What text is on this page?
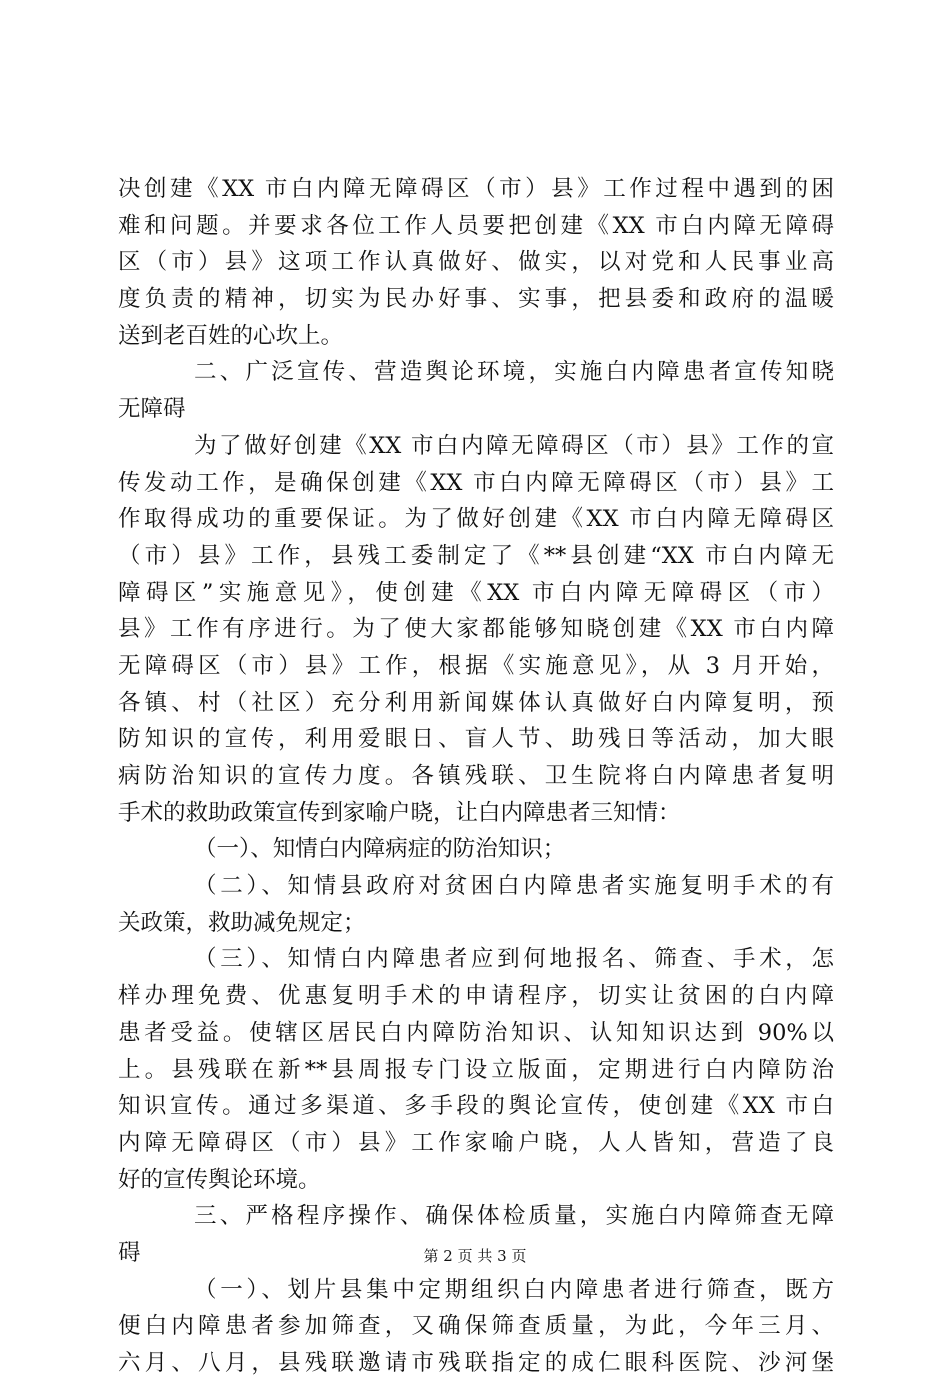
决创建《XX 市白内障无障碍区（市）县》工作过程中遇到的困
难和问题。并要求各位工作人员要把创建《XX 市白内障无障碍
区（市）县》这项工作认真做好、做实，以对党和人民事业高
度负责的精神，切实为民办好事、实事，把县委和政府的温暖
送到老百姓的心坎上。
二、广泛宣传、营造舆论环境，实施白内障患者宣传知晓
无障碍
为了做好创建《XX 市白内障无障碍区（市）县》工作的宣
传发动工作，是确保创建《XX 市白内障无障碍区（市）县》工
作取得成功的重要保证。为了做好创建《XX 市白内障无障碍区
（市）县》工作，县残工委制定了《**县创建“XX 市白内障无
障碍区”实施意见》，使创建《XX 市白内障无障碍区（市）
县》工作有序进行。为了使大家都能够知晓创建《XX 市白内障
无障碍区（市）县》工作，根据《实施意见》，从 3 月开始，
各镇、村（社区）充分利用新闻媒体认真做好白内障复明，预
防知识的宣传，利用爱眼日、盲人节、助残日等活动，加大眼
病防治知识的宣传力度。各镇残联、卫生院将白内障患者复明
手术的救助政策宣传到家喻户晓，让白内障患者三知情：
（一）、知情白内障病症的防治知识；
（二）、知情县政府对贫困白内障患者实施复明手术的有
关政策，救助减免规定；
（三）、知情白内障患者应到何地报名、筛查、手术，怎
样办理免费、优惠复明手术的申请程序，切实让贫困的白内障
患者受益。使辖区居民白内障防治知识、认知知识达到 90%以
上。县残联在新**县周报专门设立版面，定期进行白内障防治
知识宣传。通过多渠道、多手段的舆论宣传，使创建《XX 市白
内障无障碍区（市）县》工作家喻户晓，人人皆知，营造了良
好的宣传舆论环境。
三、严格程序操作、确保体检质量，实施白内障筛查无障
碍
（一）、划片县集中定期组织白内障患者进行筛查，既方
便白内障患者参加筛查，又确保筛查质量，为此，今年三月、
六月、八月，县残联邀请市残联指定的成仁眼科医院、沙河堡
第 2 页 共 3 页
